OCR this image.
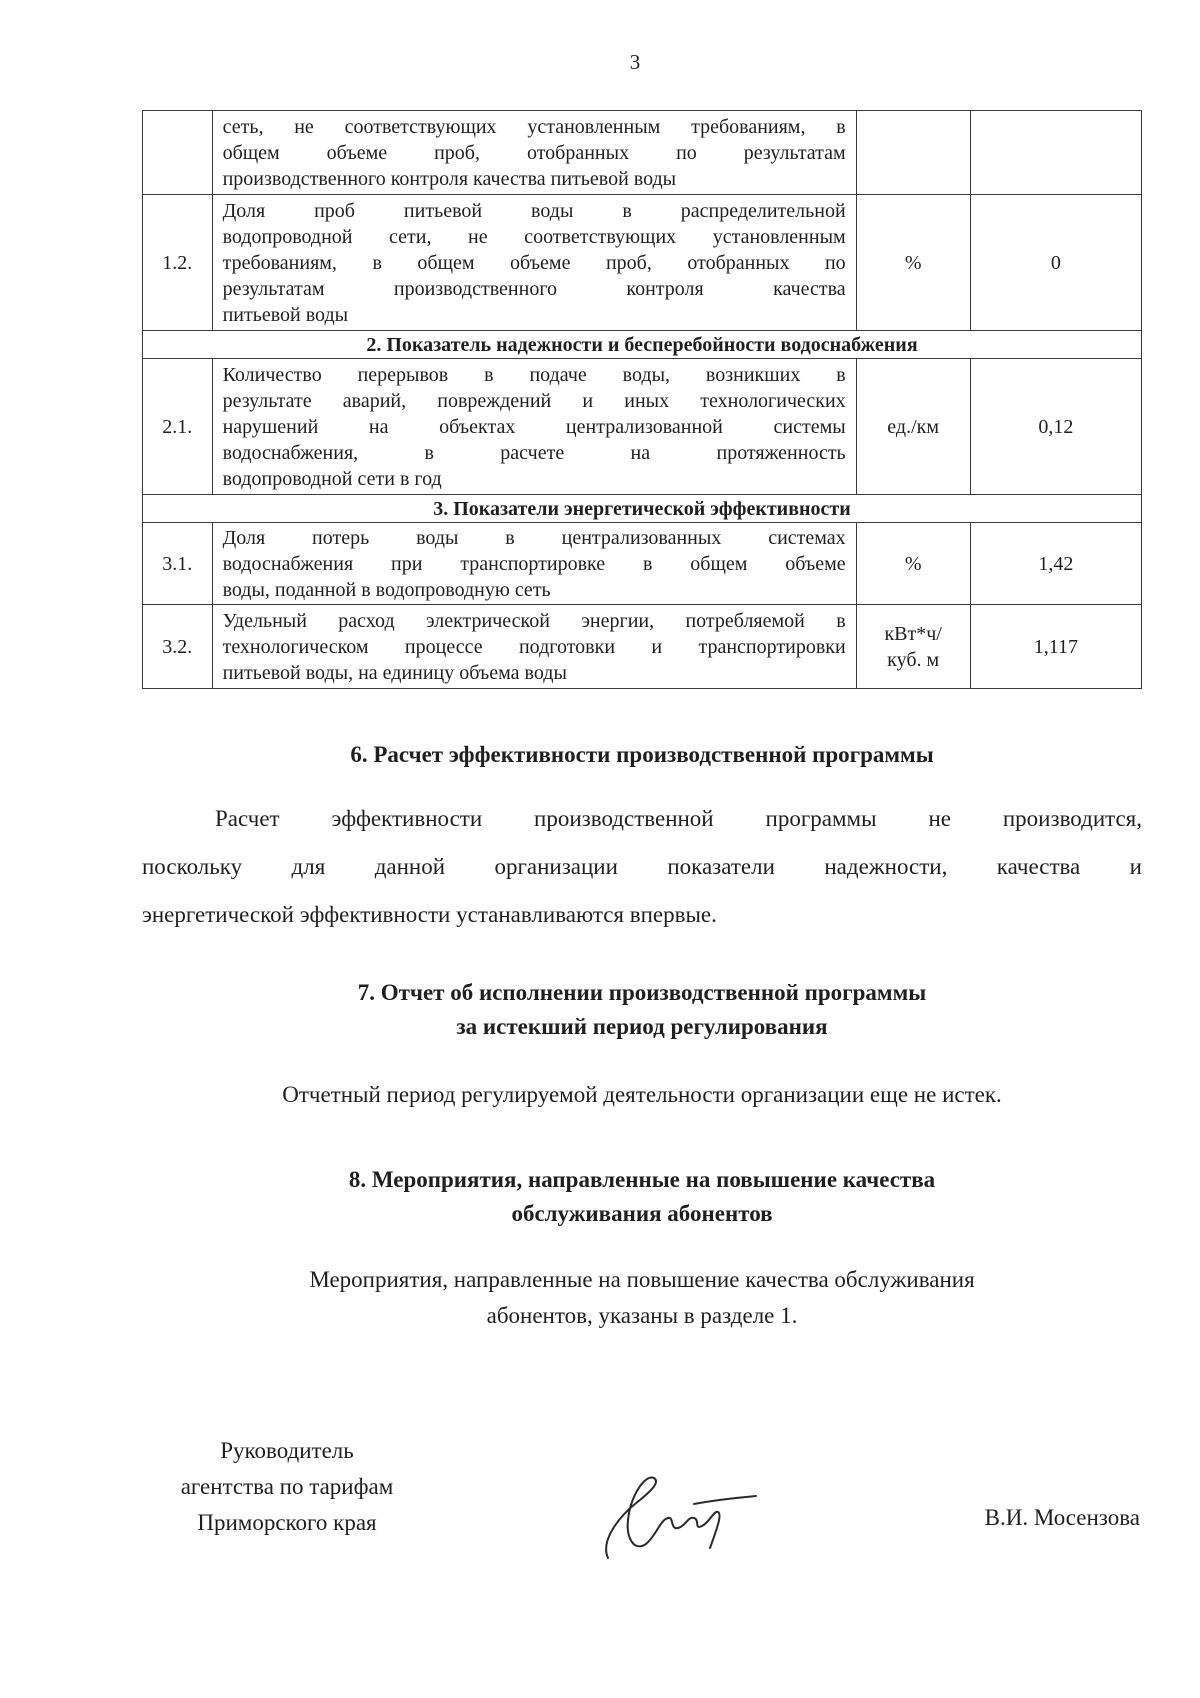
3

	сеть, не соответствующих установленным требованиям, в
общем объеме проб, отобранных по результатам
производственного контроля качества питьевой воды		

1.2.	Доля проб питьевой воды в распределительной
водопроводной сети, не соответствующих установленным
требованиям, в общем объеме проб, отобранных по
результатам производственного контроля качества
питьевой воды	%	0
2. Показатель надежности и бесперебойности водоснабжения			
2.1.	Количество перерывов в подаче воды, возникших в
результате аварий, повреждений и иных технологических
нарушений на объектах централизованной системы
водоснабжения, в расчете на протяженность
водопроводной сети в год	ед./км	0,12
3. Показатели энергетической эффективности			
3.1.	Доля потерь воды в централизованных системах
водоснабжения при транспортировке в общем объеме
воды, поданной в водопроводную сеть	%	1,42
3.2.	Удельный расход электрической энергии, потребляемой в
технологическом процессе подготовки и транспортировки
питьевой воды, на единицу объема воды	кВт*ч/
куб. м	1,117
6. Расчет эффективности производственной программы

Расчет эффективности производственной программы не производится,
поскольку для данной организации показатели надежности, качества и
энергетической эффективности устанавливаются впервые.

7. Отчет об исполнении производственной программы
за истекший период регулирования

Отчетный период регулируемой деятельности организации еще не истек.

8. Мероприятия, направленные на повышение качества
обслуживания абонентов

Мероприятия, направленные на повышение качества обслуживания
абонентов, указаны в разделе 1.

Руководитель
агентства по тарифам
Приморского края	В.И. Мосензова
